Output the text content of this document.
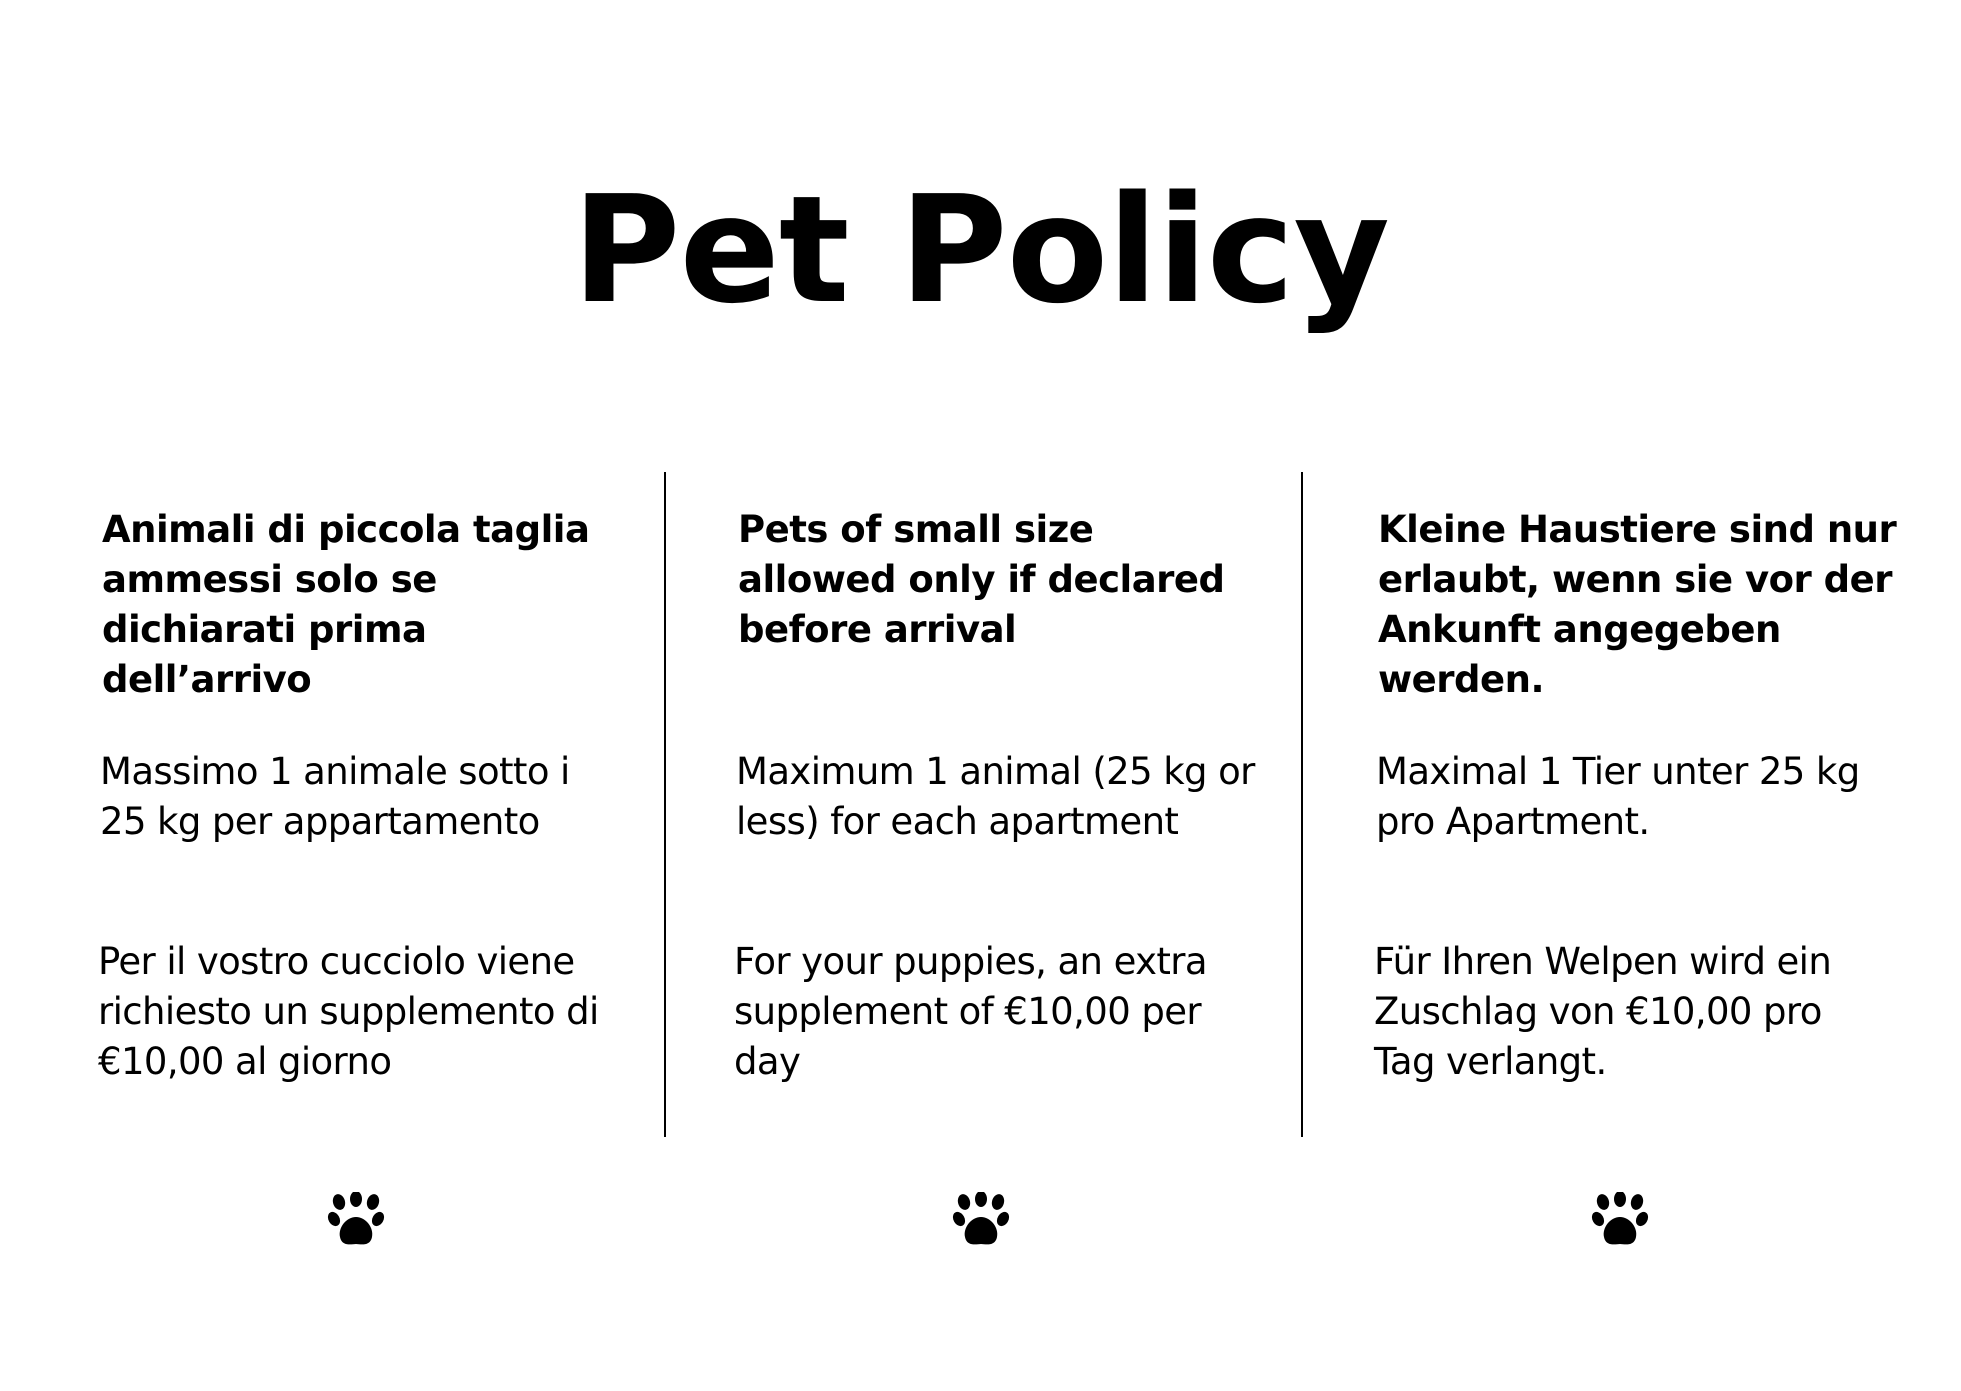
Pet Policy
Animali di piccola taglia ammessi solo se dichiarati prima dell’arrivo

Massimo 1 animale sotto i 25 kg per appartamento

Per il vostro cucciolo viene richiesto un supplemento di €10,00 al giorno

Pets of small size allowed only if declared before arrival

Maximum 1 animal (25 kg or less) for each apartment

For your puppies, an extra supplement of €10,00 per day

Kleine Haustiere sind nur erlaubt, wenn sie vor der Ankunft angegeben werden.

Maximal 1 Tier unter 25 kg pro Apartment.

Für Ihren Welpen wird ein Zuschlag von €10,00 pro Tag verlangt.
